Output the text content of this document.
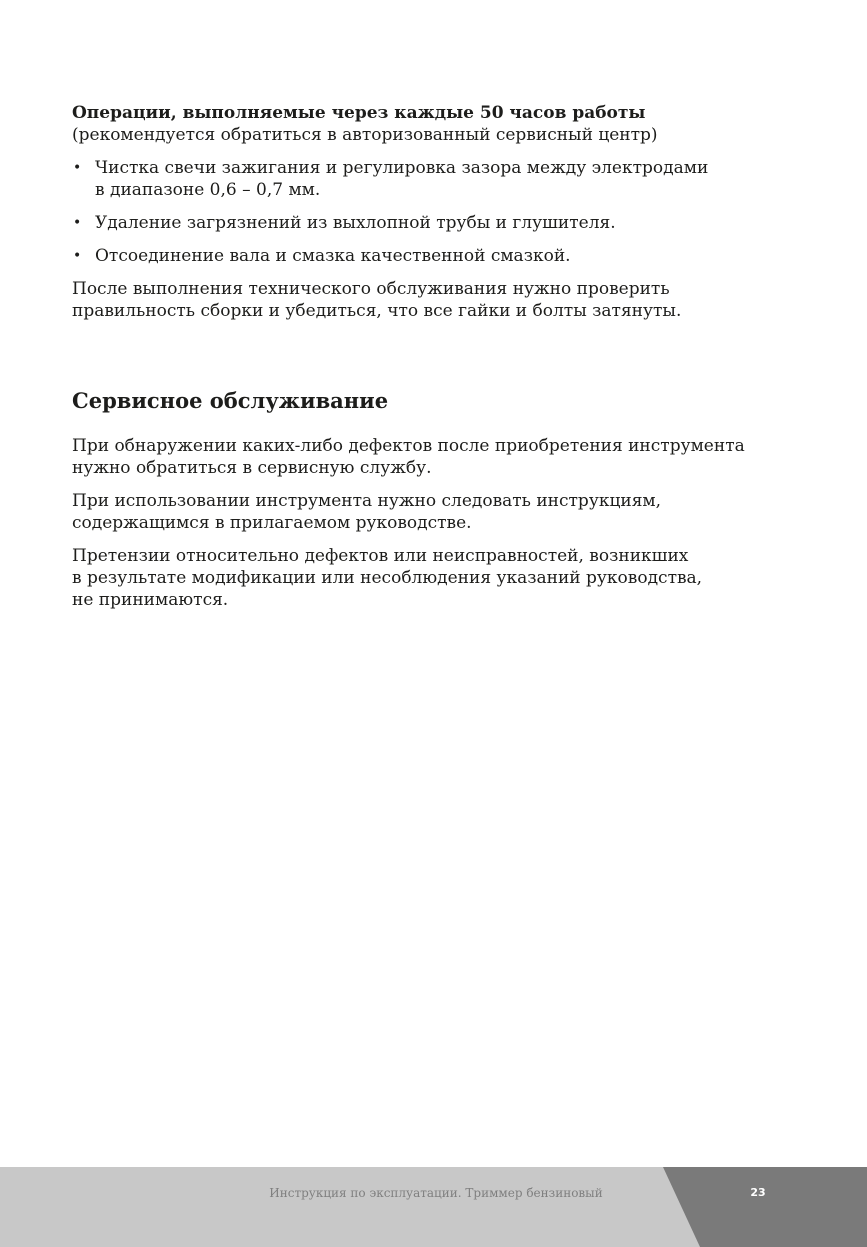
Операции, выполняемые через каждые 50 часов работы
(рекомендуется обратиться в авторизованный сервисный центр)
• Чистка свечи зажигания и регулировка зазора между электродами
в диапазоне 0,6 – 0,7 мм.
• Удаление загрязнений из выхлопной трубы и глушителя.
• Отсоединение вала и смазка качественной смазкой.
После выполнения технического обслуживания нужно проверить
правильность сборки и убедиться, что все гайки и болты затянуты.
Сервисное обслуживание
При обнаружении каких-либо дефектов после приобретения инструмента
нужно обратиться в сервисную службу.
При использовании инструмента нужно следовать инструкциям,
содержащимся в прилагаемом руководстве.
Претензии относительно дефектов или неисправностей, возникших
в результате модификации или несоблюдения указаний руководства,
не принимаются.
Инструкция по эксплуатации. Триммер бензиновый	23
